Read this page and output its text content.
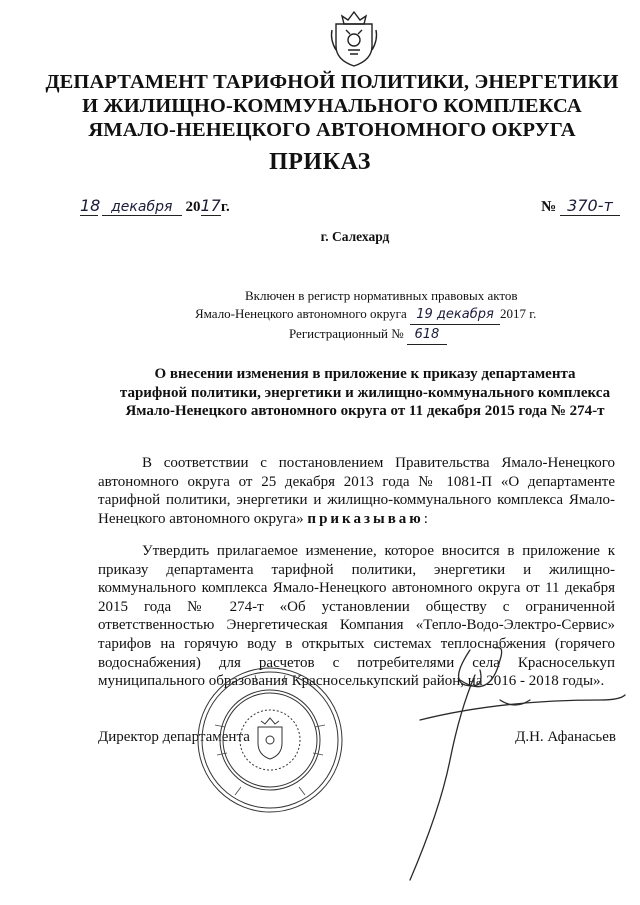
ДЕПАРТАМЕНТ ТАРИФНОЙ ПОЛИТИКИ, ЭНЕРГЕТИКИ
И ЖИЛИЩНО-КОММУНАЛЬНОГО КОМПЛЕКСА
ЯМАЛО-НЕНЕЦКОГО АВТОНОМНОГО ОКРУГА
ПРИКАЗ
18 декабря 2017г.	№ 370-т
г. Салехард
Включен в регистр нормативных правовых актов
Ямало-Ненецкого автономного округа 19 декабря 2017 г.
Регистрационный № 618
О внесении изменения в приложение к приказу департамента
тарифной политики, энергетики и жилищно-коммунального комплекса
Ямало-Ненецкого автономного округа от 11 декабря 2015 года № 274-т

В соответствии с постановлением Правительства Ямало-Ненецкого автономного округа от 25 декабря 2013 года № 1081-П «О департаменте тарифной политики, энергетики и жилищно-коммунального комплекса Ямало-Ненецкого автономного округа» приказываю:

Утвердить прилагаемое изменение, которое вносится в приложение к приказу департамента тарифной политики, энергетики и жилищно-коммунального комплекса Ямало-Ненецкого автономного округа от 11 декабря 2015 года № 274-т «Об установлении обществу с ограниченной ответственностью Энергетическая Компания «Тепло-Водо-Электро-Сервис» тарифов на горячую воду в открытых системах теплоснабжения (горячего водоснабжения) для расчетов с потребителями села Красноселькуп муниципального образования Красноселькупский район, на 2016 - 2018 годы».

Директор департамента	Д.Н. Афанасьев
